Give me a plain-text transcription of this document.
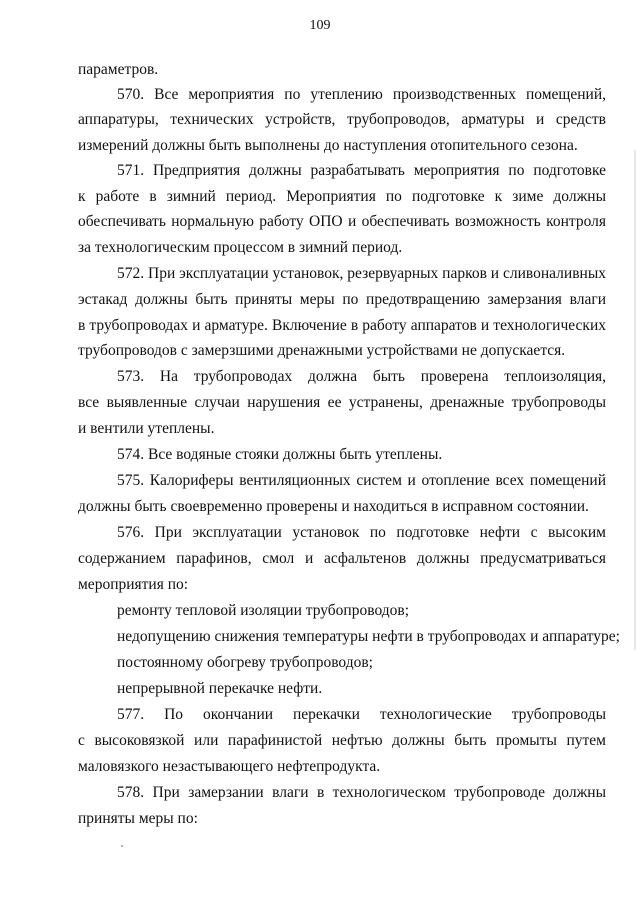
109

параметров.

570. Все мероприятия по утеплению производственных помещений,

аппаратуры, технических устройств, трубопроводов, арматуры и средств

измерений должны быть выполнены до наступления отопительного сезона.

571. Предприятия должны разрабатывать мероприятия по подготовке

к работе в зимний период. Мероприятия по подготовке к зиме должны

обеспечивать нормальную работу ОПО и обеспечивать возможность контроля

за технологическим процессом в зимний период.

572. При эксплуатации установок, резервуарных парков и сливоналивных

эстакад должны быть приняты меры по предотвращению замерзания влаги

в трубопроводах и арматуре. Включение в работу аппаратов и технологических

трубопроводов с замерзшими дренажными устройствами не допускается.

573. На трубопроводах должна быть проверена теплоизоляция,

все выявленные случаи нарушения ее устранены, дренажные трубопроводы

и вентили утеплены.

574. Все водяные стояки должны быть утеплены.

575. Калориферы вентиляционных систем и отопление всех помещений

должны быть своевременно проверены и находиться в исправном состоянии.

576. При эксплуатации установок по подготовке нефти с высоким

содержанием парафинов, смол и асфальтенов должны предусматриваться

мероприятия по:

ремонту тепловой изоляции трубопроводов;

недопущению снижения температуры нефти в трубопроводах и аппаратуре;

постоянному обогреву трубопроводов;

непрерывной перекачке нефти.

577. По окончании перекачки технологические трубопроводы

с высоковязкой или парафинистой нефтью должны быть промыты путем

маловязкого незастывающего нефтепродукта.

578. При замерзании влаги в технологическом трубопроводе должны

приняты меры по:
